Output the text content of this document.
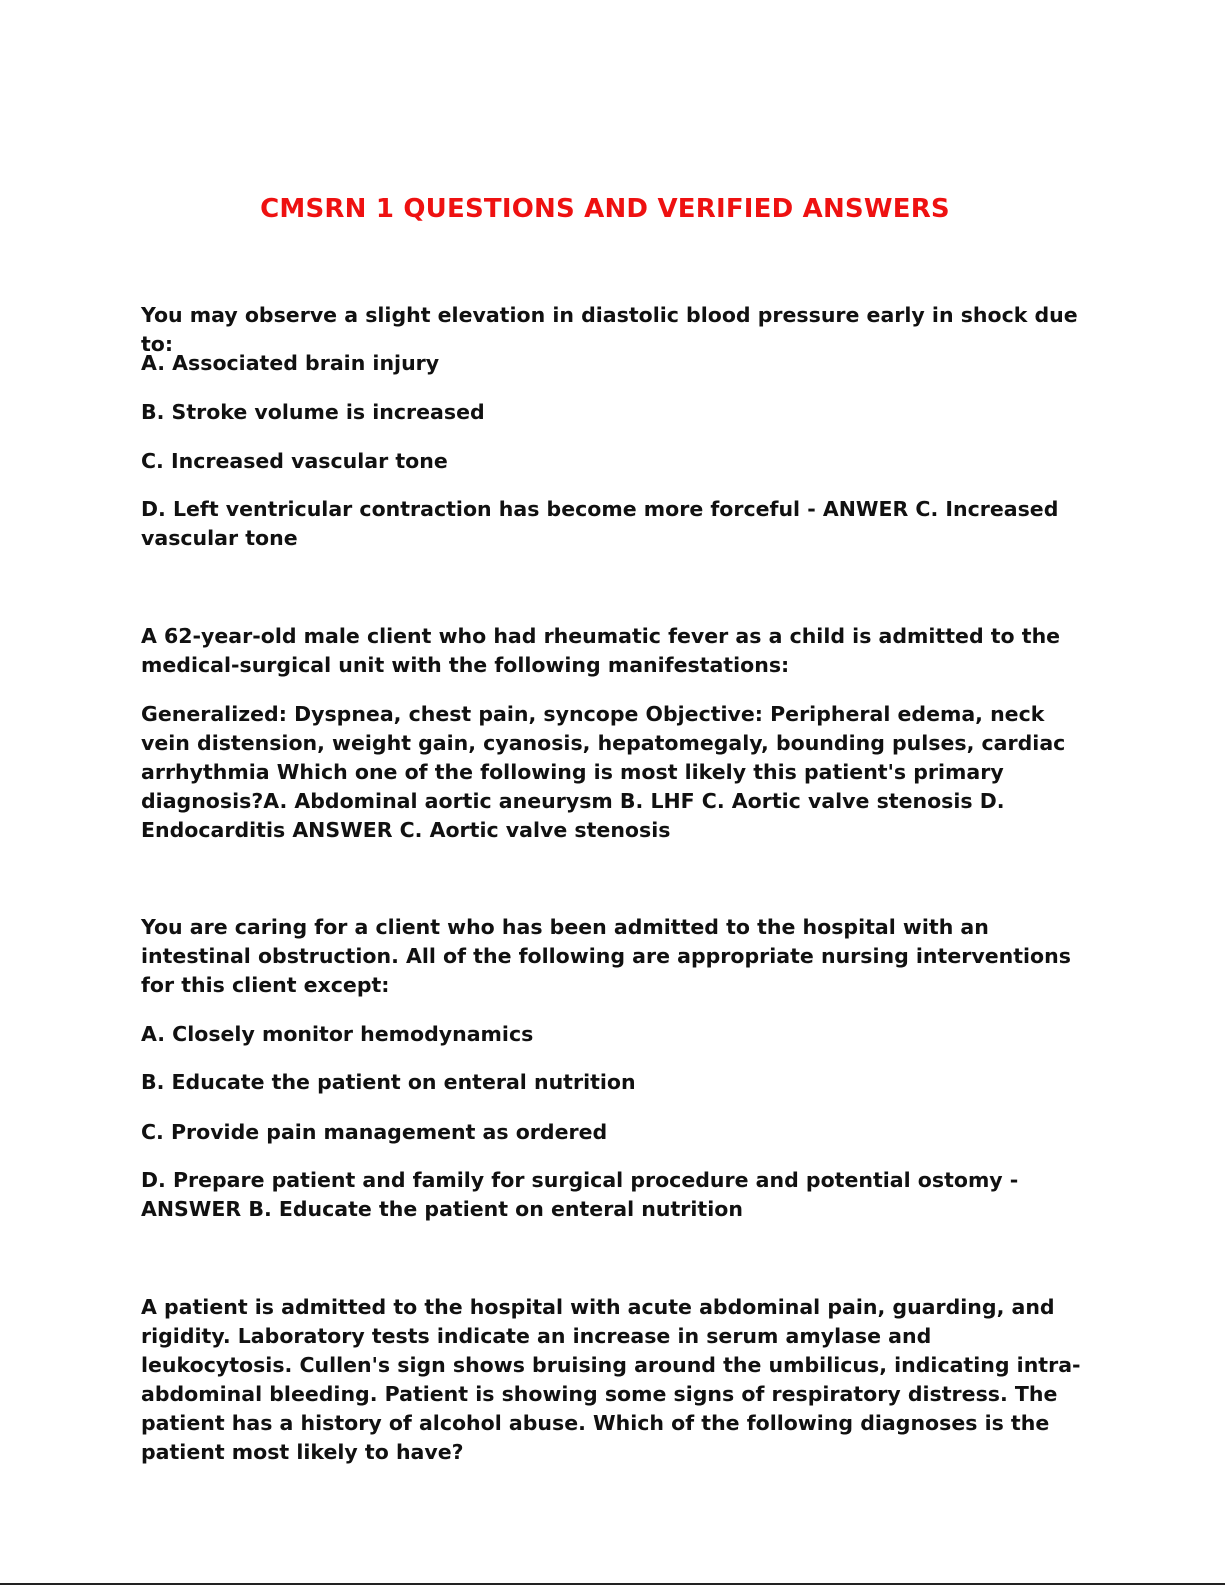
CMSRN 1 QUESTIONS AND VERIFIED ANSWERS

You may observe a slight elevation in diastolic blood pressure early in shock due to:

A. Associated brain injury

B. Stroke volume is increased

C. Increased vascular tone

D. Left ventricular contraction has become more forceful - ANWER C. Increased vascular tone

A 62-year-old male client who had rheumatic fever as a child is admitted to the medical-surgical unit with the following manifestations:

Generalized: Dyspnea, chest pain, syncope Objective: Peripheral edema, neck vein distension, weight gain, cyanosis, hepatomegaly, bounding pulses, cardiac arrhythmia Which one of the following is most likely this patient's primary diagnosis?A. Abdominal aortic aneurysm B. LHF C. Aortic valve stenosis D. Endocarditis ANSWER C. Aortic valve stenosis

You are caring for a client who has been admitted to the hospital with an intestinal obstruction. All of the following are appropriate nursing interventions for this client except:

A. Closely monitor hemodynamics

B. Educate the patient on enteral nutrition

C. Provide pain management as ordered

D. Prepare patient and family for surgical procedure and potential ostomy - ANSWER B. Educate the patient on enteral nutrition

A patient is admitted to the hospital with acute abdominal pain, guarding, and rigidity. Laboratory tests indicate an increase in serum amylase and leukocytosis. Cullen's sign shows bruising around the umbilicus, indicating intra-abdominal bleeding. Patient is showing some signs of respiratory distress. The patient has a history of alcohol abuse. Which of the following diagnoses is the patient most likely to have?
